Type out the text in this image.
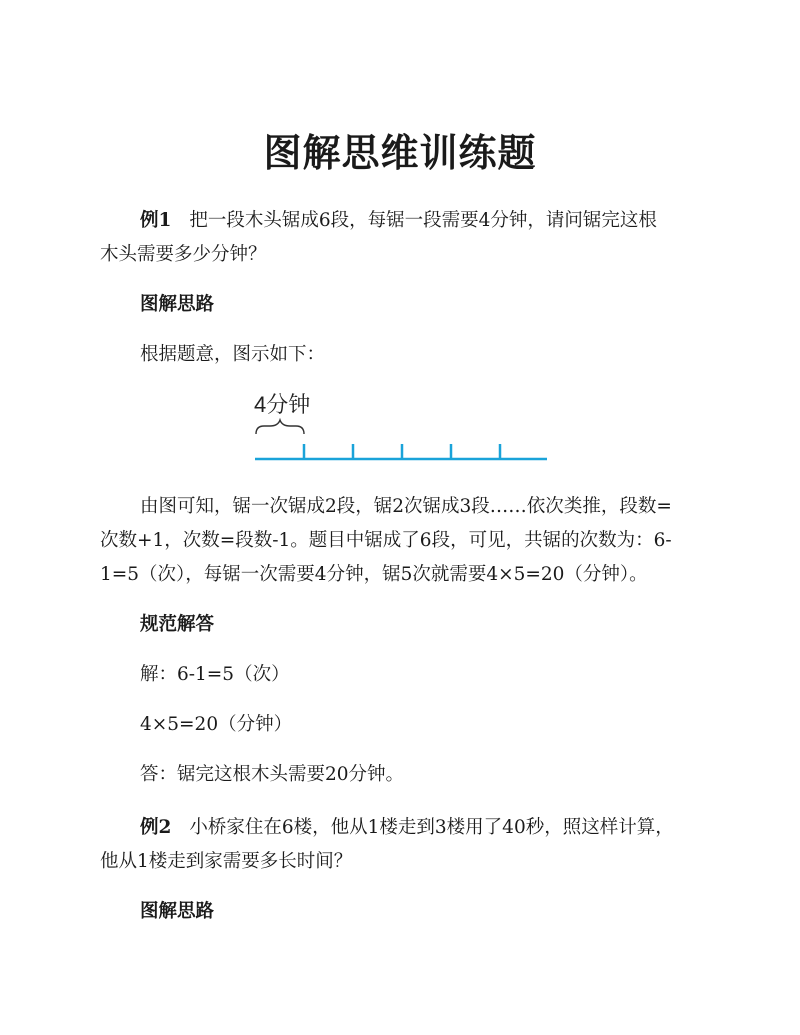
图解思维训练题

例1 把一段木头锯成6段，每锯一段需要4分钟，请问锯完这根

木头需要多少分钟？

图解思路

根据题意，图示如下：

4分钟

由图可知，锯一次锯成2段，锯2次锯成3段……依次类推，段数=

次数+1，次数=段数-1。题目中锯成了6段，可见，共锯的次数为：6-

1=5（次），每锯一次需要4分钟，锯5次就需要4×5=20（分钟）。

规范解答

解：6-1=5（次）

4×5=20（分钟）

答：锯完这根木头需要20分钟。

例2 小桥家住在6楼，他从1楼走到3楼用了40秒，照这样计算，

他从1楼走到家需要多长时间？

图解思路
